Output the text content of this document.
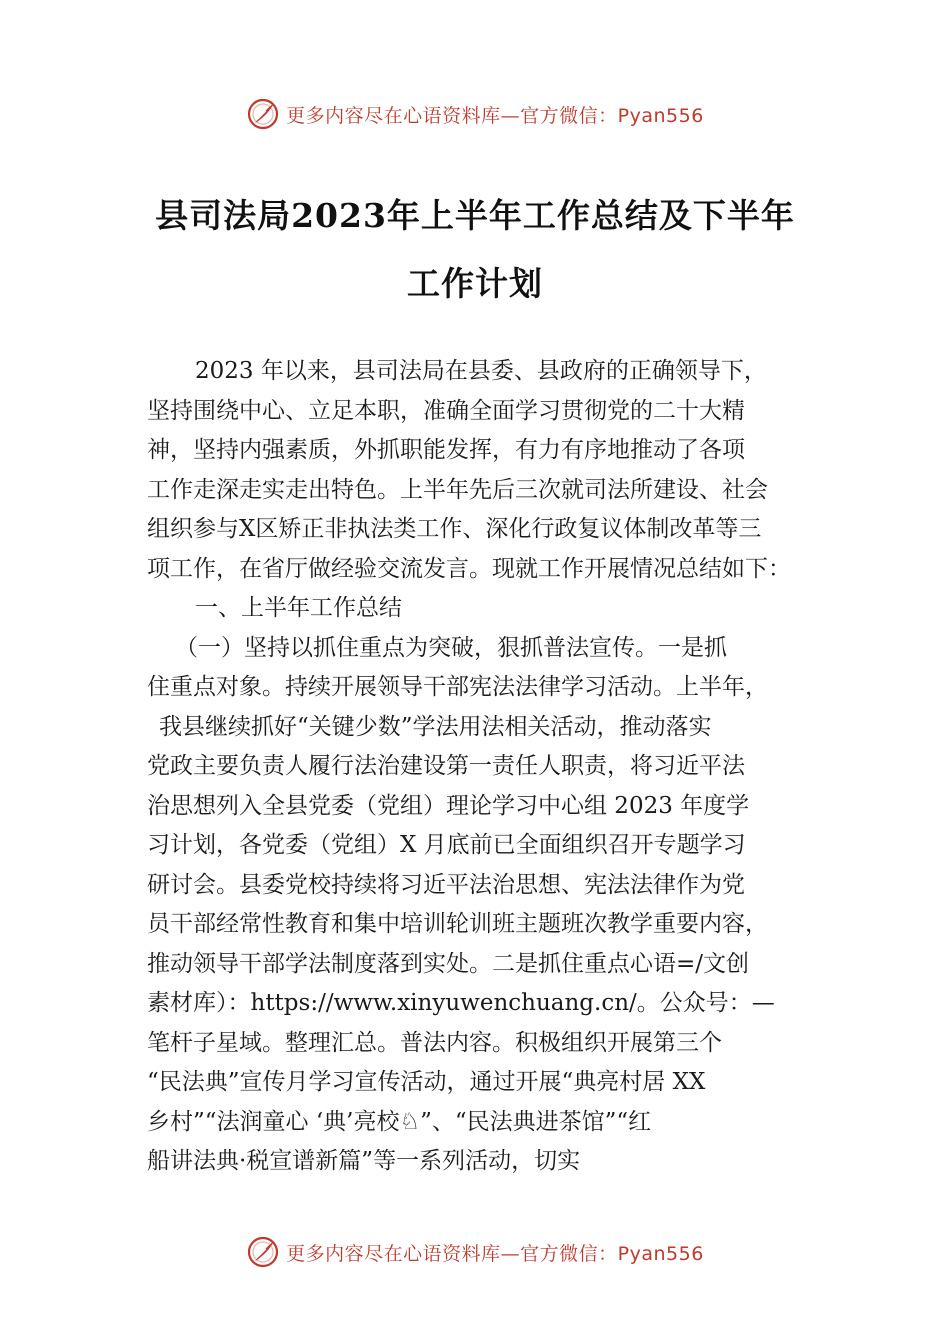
更多内容尽在心语资料库—官方微信：Pyan556
县司法局2023年上半年工作总结及下半年
工作计划
2023 年以来，县司法局在县委、县政府的正确领导下，
坚持围绕中心、立足本职，准确全面学习贯彻党的二十大精
神，坚持内强素质，外抓职能发挥，有力有序地推动了各项
工作走深走实走出特色。上半年先后三次就司法所建设、社会
组织参与X区矫正非执法类工作、深化行政复议体制改革等三
项工作，在省厅做经验交流发言。现就工作开展情况总结如下：
一、上半年工作总结
（一）坚持以抓住重点为突破，狠抓普法宣传。一是抓
住重点对象。持续开展领导干部宪法法律学习活动。上半年，
我县继续抓好“关键少数”学法用法相关活动，推动落实
党政主要负责人履行法治建设第一责任人职责，将习近平法
治思想列入全县党委（党组）理论学习中心组 2023 年度学
习计划，各党委（党组）X 月底前已全面组织召开专题学习
研讨会。县委党校持续将习近平法治思想、宪法法律作为党
员干部经常性教育和集中培训轮训班主题班次教学重要内容，
推动领导干部学法制度落到实处。二是抓住重点心语=/文创
素材库）：https://www.xinyuwenchuang.cn/。公众号：—
笔杆子星域。整理汇总。普法内容。积极组织开展第三个
“民法典”宣传月学习宣传活动，通过开展“典亮村居 XX
乡村”“法润童心 ‘典’亮校♘”、“民法典进茶馆”“红
船讲法典·税宣谱新篇”等一系列活动，切实
更多内容尽在心语资料库—官方微信：Pyan556
